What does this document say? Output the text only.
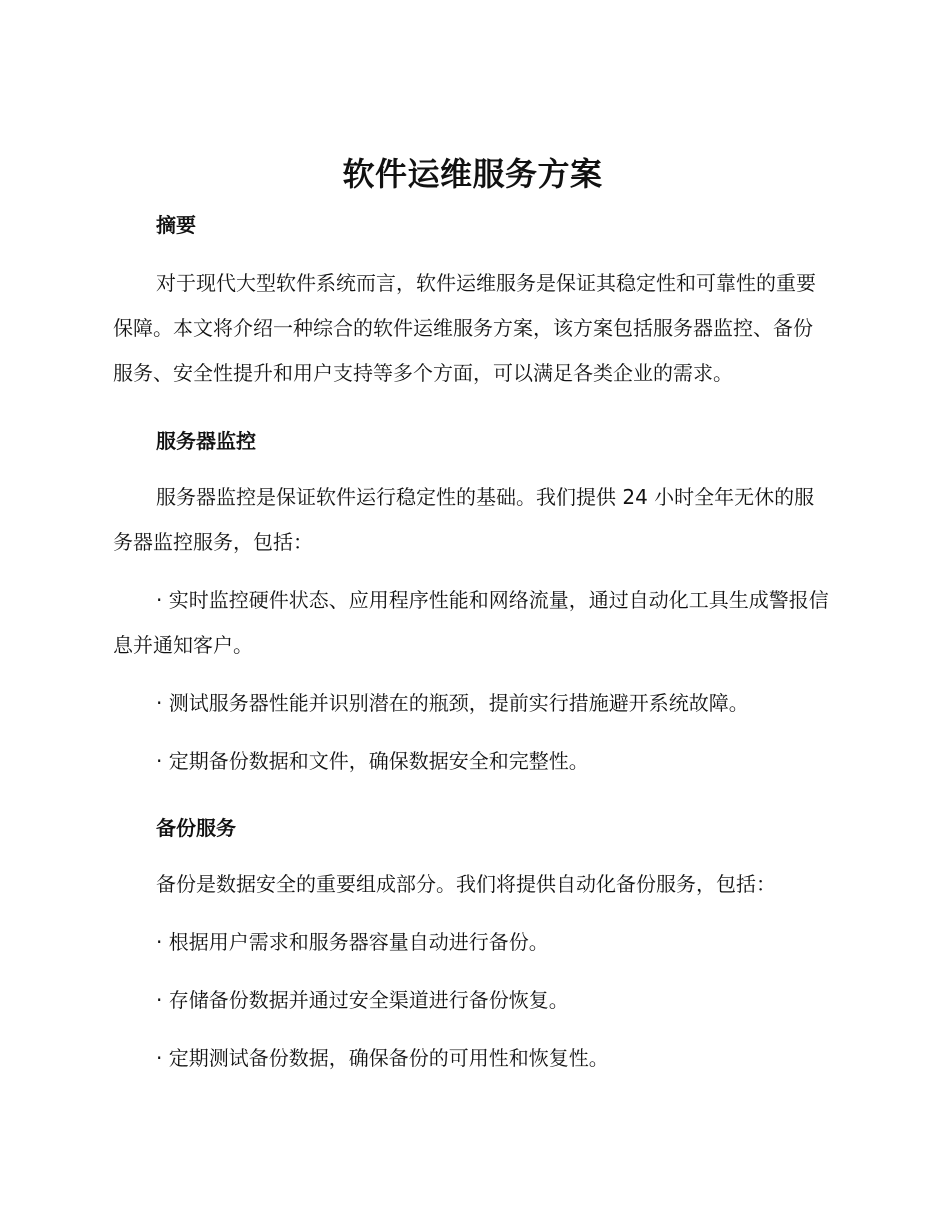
软件运维服务方案
摘要

对于现代大型软件系统而言，软件运维服务是保证其稳定性和可靠性的重要保障。本文将介绍一种综合的软件运维服务方案，该方案包括服务器监控、备份服务、安全性提升和用户支持等多个方面，可以满足各类企业的需求。

服务器监控

服务器监控是保证软件运行稳定性的基础。我们提供 24 小时全年无休的服务器监控服务，包括：

· 实时监控硬件状态、应用程序性能和网络流量，通过自动化工具生成警报信息并通知客户。

· 测试服务器性能并识别潜在的瓶颈，提前实行措施避开系统故障。

· 定期备份数据和文件，确保数据安全和完整性。

备份服务

备份是数据安全的重要组成部分。我们将提供自动化备份服务，包括：

· 根据用户需求和服务器容量自动进行备份。

· 存储备份数据并通过安全渠道进行备份恢复。

· 定期测试备份数据，确保备份的可用性和恢复性。
